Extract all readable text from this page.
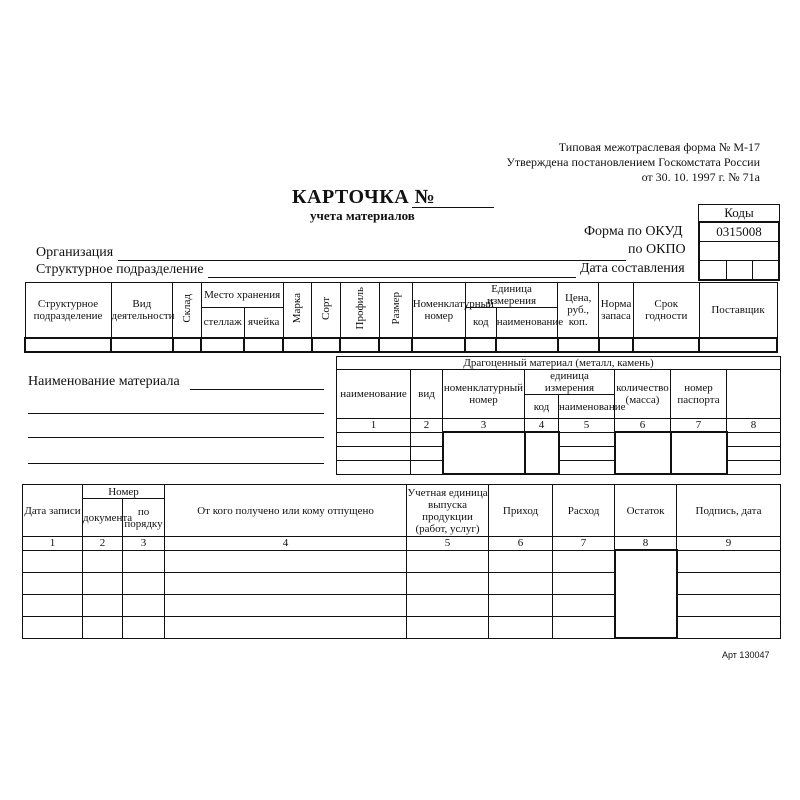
Типовая межотраслевая форма № М-17
Утверждена постановлением Госкомстата России
от 30. 10. 1997 г. № 71а
КАРТОЧКА №
учета материалов	Коды
0315008
Форма по ОКУД
по ОКПО
Организация
Структурное подразделение	Дата составления
Структурное подразделение	Вид деятельности	Склад	Место хранения		Марка	Сорт	Профиль	Размер	Номенклатурный номер	Единица измерения		Цена, руб., коп.	Норма запаса	Срок годности	Поставщик
			стеллаж	ячейка						код	наименование				

Наименование материала
Драгоценный материал (металл, камень)							
наименование	вид	номенклатурный номер	единица измерения		количество (масса)	номер паспорта	
			код	наименование			
1	2	3	4	5	6	7	8

Дата записи	Номер		От кого получено или кому отпущено	Учетная единица выпуска продукции (работ, услуг)	Приход	Расход	Остаток	Подпись, дата
	документа	по порядку						
1	2	3	4	5	6	7	8	9

Арт 130047
